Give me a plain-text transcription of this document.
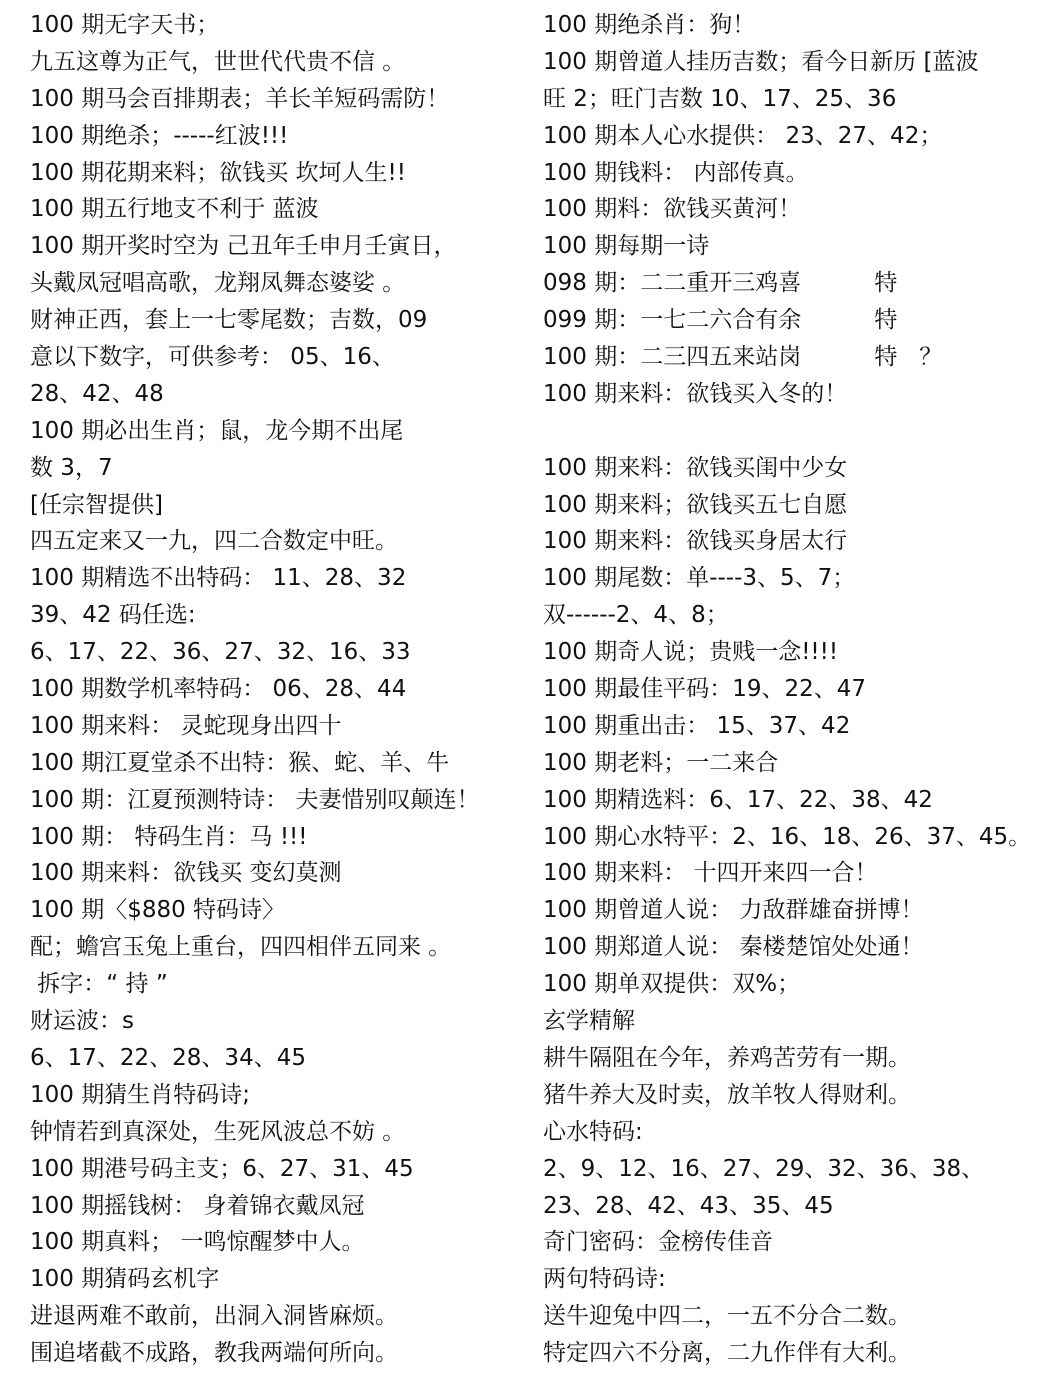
100 期无字天书；
九五这尊为正气，世世代代贵不信 。
100 期马会百排期表；羊长羊短码需防！
100 期绝杀；-----红波!!!
100 期花期来料；欲钱买 坎坷人生!!
100 期五行地支不利于 蓝波
100 期开奖时空为 己丑年壬申月壬寅日，
头戴凤冠唱高歌，龙翔凤舞态婆娑 。
财神正西，套上一七零尾数；吉数，09
意以下数字，可供参考： 05、16、
28、42、48
100 期必出生肖；鼠，龙今期不出尾
数 3，7
[任宗智提供]
四五定来又一九，四二合数定中旺。
100 期精选不出特码： 11、28、32
39、42 码任选:
6、17、22、36、27、32、16、33
100 期数学机率特码： 06、28、44
100 期来料： 灵蛇现身出四十
100 期江夏堂杀不出特：猴、蛇、羊、牛
100 期：江夏预测特诗： 夫妻惜别叹颠连！
100 期： 特码生肖：马 !!!
100 期来料：欲钱买 变幻莫测
100 期〈$880 特码诗〉
配；蟾宫玉兔上重台，四四相伴五同来 。
拆字：“ 持 ”
财运波：s
6、17、22、28、34、45
100 期猜生肖特码诗;
钟情若到真深处，生死风波总不妨 。
100 期港号码主支；6、27、31、45
100 期摇钱树： 身着锦衣戴凤冠
100 期真料； 一鸣惊醒梦中人。
100 期猜码玄机字
进退两难不敢前，出洞入洞皆麻烦。
围追堵截不成路，教我两端何所向。
100 期绝杀肖：狗！
100 期曾道人挂历吉数；看今日新历 [蓝波
旺 2；旺门吉数 10、17、25、36
100 期本人心水提供： 23、27、42；
100 期钱料： 内部传真。
100 期料：欲钱买黄河！
100 期每期一诗
098 期：二二重开三鸡喜          特
099 期：一七二六合有余          特
100 期：二三四五来站岗          特   ？
100 期来料：欲钱买入冬的！
100 期来料：欲钱买闺中少女
100 期来料；欲钱买五七自愿
100 期来料：欲钱买身居太行
100 期尾数：单----3、5、7；
双------2、4、8；
100 期奇人说；贵贱一念!!!!
100 期最佳平码：19、22、47
100 期重出击： 15、37、42
100 期老料；一二来合
100 期精选料：6、17、22、38、42
100 期心水特平：2、16、18、26、37、45。
100 期来料： 十四开来四一合！
100 期曾道人说： 力敌群雄奋拼博！
100 期郑道人说： 秦楼楚馆处处通！
100 期单双提供：双%；
玄学精解
耕牛隔阻在今年，养鸡苦劳有一期。
猪牛养大及时卖，放羊牧人得财利。
心水特码:
2、9、12、16、27、29、32、36、38、
23、28、42、43、35、45
奇门密码：金榜传佳音
两句特码诗:
送牛迎兔中四二，一五不分合二数。
特定四六不分离，二九作伴有大利。
